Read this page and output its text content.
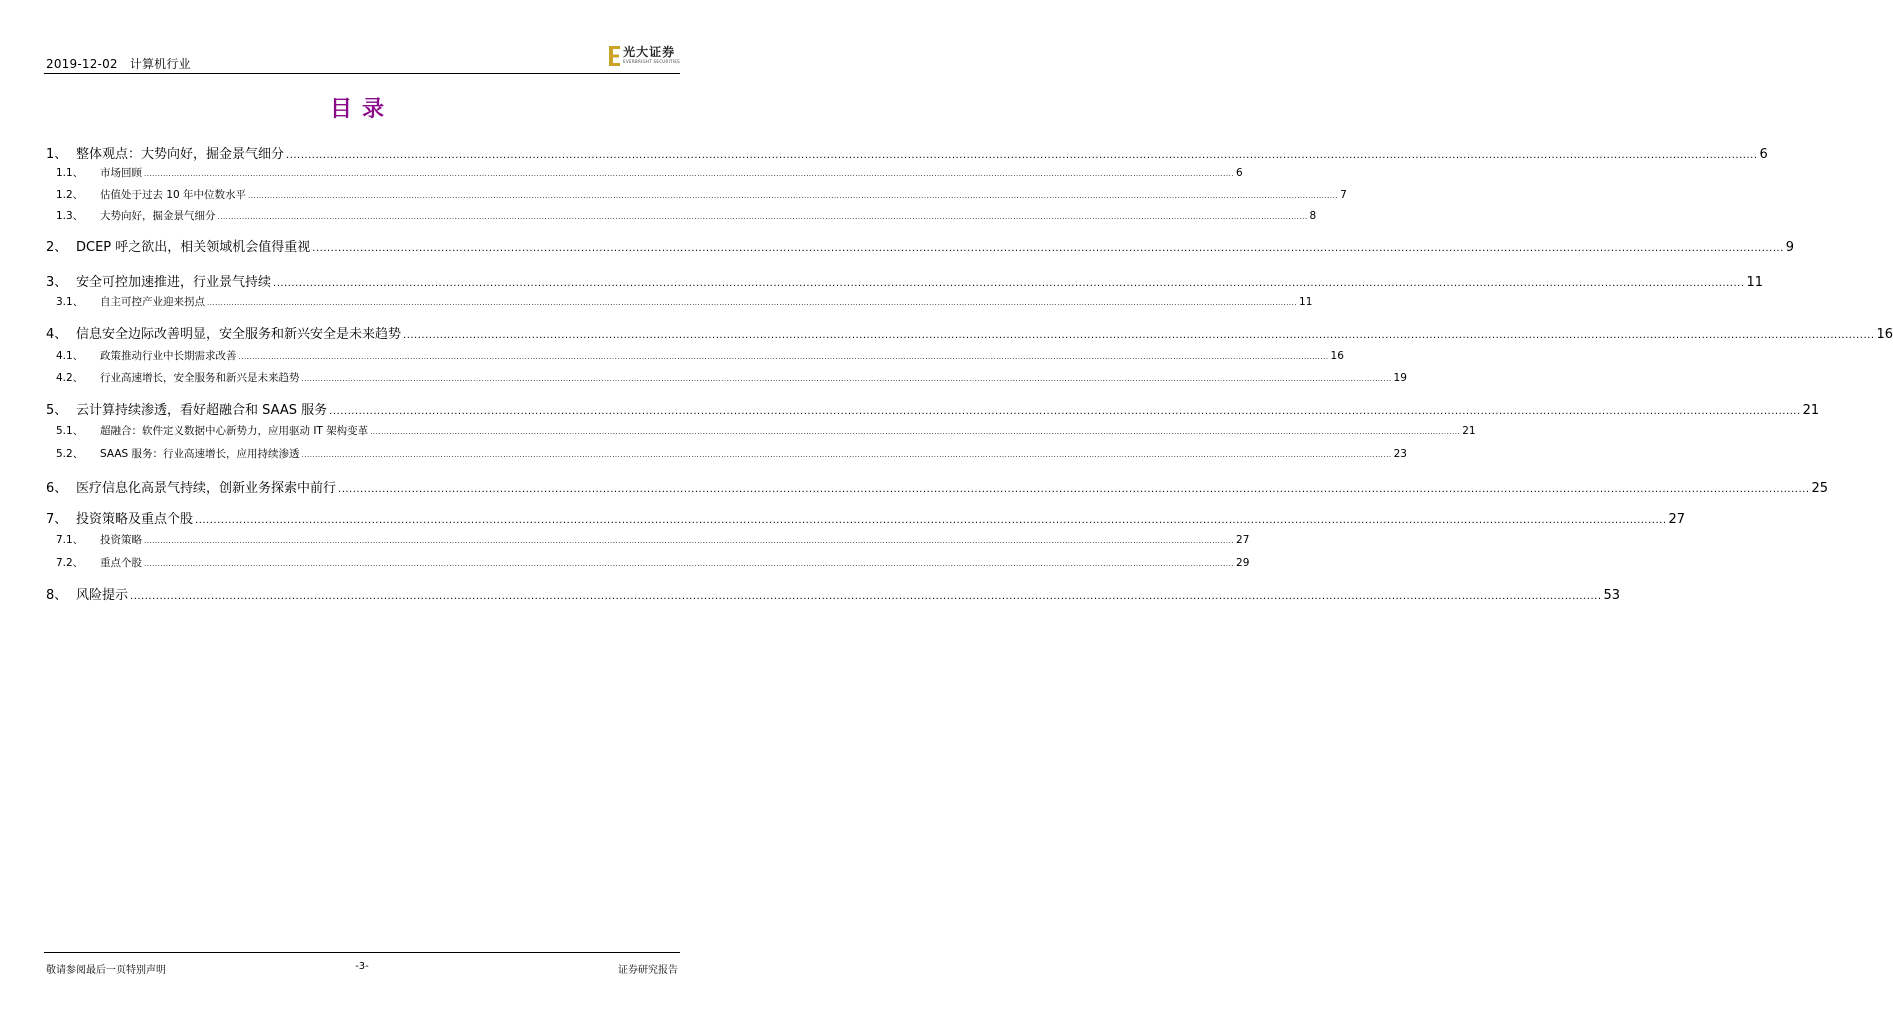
2019-12-02 计算机行业
光大证券
EVERBRIGHT SECURITIES
目录
1、 整体观点：大势向好，掘金景气细分 ................................................................................................................................................................................................................................................................................................................................................................................................................ 6
1.1、	市场回顾 ................................................................................................................................................................................................................................................................................................................................................................................................................ 6
1.2、	估值处于过去 10 年中位数水平 ................................................................................................................................................................................................................................................................................................................................................................................................................ 7
1.3、	大势向好，掘金景气细分 ................................................................................................................................................................................................................................................................................................................................................................................................................ 8
2、 DCEP 呼之欲出，相关领域机会值得重视 ................................................................................................................................................................................................................................................................................................................................................................................................................ 9
3、 安全可控加速推进，行业景气持续 ................................................................................................................................................................................................................................................................................................................................................................................................................ 11
3.1、	自主可控产业迎来拐点 ................................................................................................................................................................................................................................................................................................................................................................................................................ 11
4、 信息安全边际改善明显，安全服务和新兴安全是未来趋势 ................................................................................................................................................................................................................................................................................................................................................................................................................ 16
4.1、	政策推动行业中长期需求改善 ................................................................................................................................................................................................................................................................................................................................................................................................................ 16
4.2、	行业高速增长，安全服务和新兴是未来趋势 ................................................................................................................................................................................................................................................................................................................................................................................................................ 19
5、 云计算持续渗透，看好超融合和 SAAS 服务 ................................................................................................................................................................................................................................................................................................................................................................................................................ 21
5.1、	超融合：软件定义数据中心新势力，应用驱动 IT 架构变革 ................................................................................................................................................................................................................................................................................................................................................................................................................ 21
5.2、	SAAS 服务：行业高速增长，应用持续渗透 ................................................................................................................................................................................................................................................................................................................................................................................................................ 23
6、 医疗信息化高景气持续，创新业务探索中前行 ................................................................................................................................................................................................................................................................................................................................................................................................................ 25
7、 投资策略及重点个股 ................................................................................................................................................................................................................................................................................................................................................................................................................ 27
7.1、	投资策略 ................................................................................................................................................................................................................................................................................................................................................................................................................ 27
7.2、	重点个股 ................................................................................................................................................................................................................................................................................................................................................................................................................ 29
8、 风险提示 ................................................................................................................................................................................................................................................................................................................................................................................................................ 53
敬请参阅最后一页特别声明	-3-	证券研究报告
